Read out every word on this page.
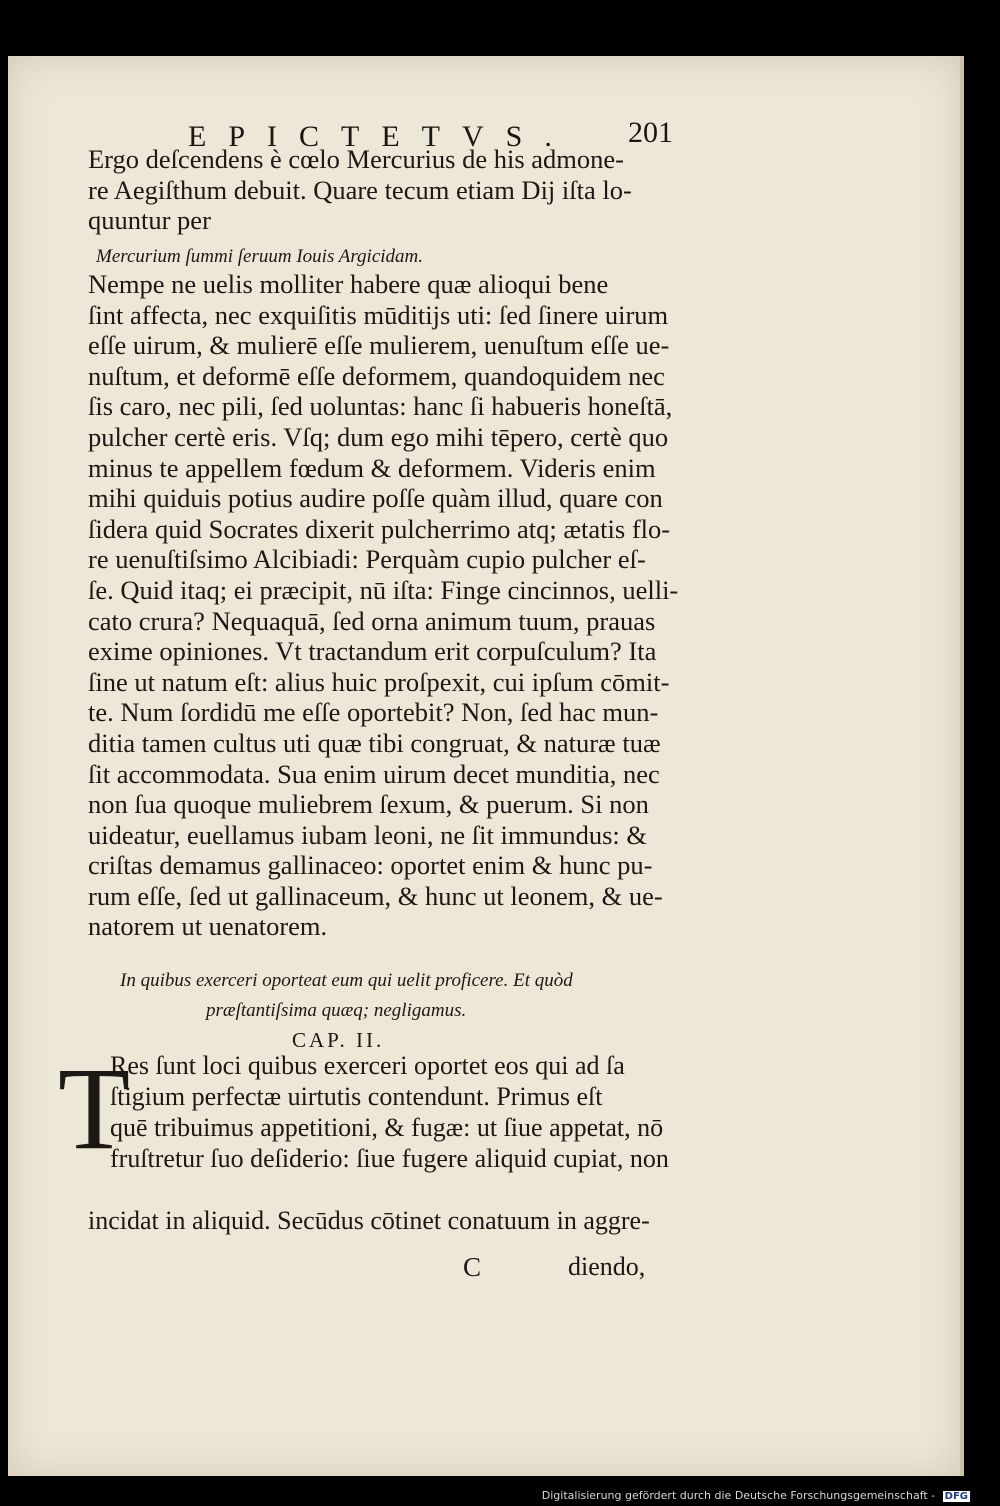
EPICTETVS.	201
Ergo deſcendens è cœlo Mercurius de his admone-
re Aegiſthum debuit. Quare tecum etiam Dij iſta lo-
quuntur per
Mercurium ſummi ſeruum Iouis Argicidam.
Nempe ne uelis molliter habere quæ alioqui bene
ſint affecta, nec exquiſitis mūditijs uti: ſed ſinere uirum
eſſe uirum, & mulierē eſſe mulierem, uenuſtum eſſe ue-
nuſtum, et deformē eſſe deformem, quandoquidem nec
ſis caro, nec pili, ſed uoluntas: hanc ſi habueris honeſtā,
pulcher certè eris. Vſq; dum ego mihi tēpero, certè quo
minus te appellem fœdum & deformem. Videris enim
mihi quiduis potius audire poſſe quàm illud, quare con
ſidera quid Socrates dixerit pulcherrimo atq; ætatis flo-
re uenuſtiſsimo Alcibiadi: Perquàm cupio pulcher eſ-
ſe. Quid itaq; ei præcipit, nū iſta: Finge cincinnos, uelli-
cato crura? Nequaquā, ſed orna animum tuum, prauas
exime opiniones. Vt tractandum erit corpuſculum? Ita
ſine ut natum eſt: alius huic proſpexit, cui ipſum cōmit-
te. Num ſordidū me eſſe oportebit? Non, ſed hac mun-
ditia tamen cultus uti quæ tibi congruat, & naturæ tuæ
ſit accommodata. Sua enim uirum decet munditia, nec
non ſua quoque muliebrem ſexum, & puerum. Si non
uideatur, euellamus iubam leoni, ne ſit immundus: &
criſtas demamus gallinaceo: oportet enim & hunc pu-
rum eſſe, ſed ut gallinaceum, & hunc ut leonem, & ue-
natorem ut uenatorem.
In quibus exerceri oporteat eum qui uelit proficere. Et quòd
præſtantiſsima quæq; negligamus.
CAP. II.
T
Res ſunt loci quibus exerceri oportet eos qui ad ſa
ſtigium perfectæ uirtutis contendunt. Primus eſt
quē tribuimus appetitioni, & fugæ: ut ſiue appetat, nō
fruſtretur ſuo deſiderio: ſiue fugere aliquid cupiat, non
incidat in aliquid. Secūdus cōtinet conatuum in aggre-
C	diendo,
Digitalisierung gefördert durch die Deutsche Forschungsgemeinschaft - DFG
